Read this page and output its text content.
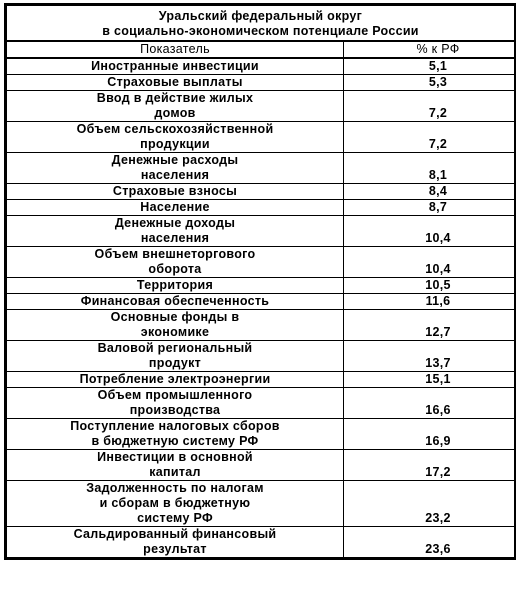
Уральский федеральный округ
в социально-экономическом потенциале России	
Показатель	% к РФ
Иностранные инвестиции	5,1
Страховые выплаты	5,3
Ввод в действие жилых
домов	7,2
Объем сельскохозяйственной
продукции	7,2
Денежные расходы
населения	8,1
Страховые взносы	8,4
Население	8,7
Денежные доходы
населения	10,4
Объем внешнеторгового
оборота	10,4
Территория	10,5
Финансовая обеспеченность	11,6
Основные фонды в
экономике	12,7
Валовой региональный
продукт	13,7
Потребление электроэнергии	15,1
Объем промышленного
производства	16,6
Поступление налоговых сборов
в бюджетную систему РФ	16,9
Инвестиции в основной
капитал	17,2
Задолженность по налогам
и сборам в бюджетную
систему РФ	23,2
Сальдированный финансовый
результат	23,6
